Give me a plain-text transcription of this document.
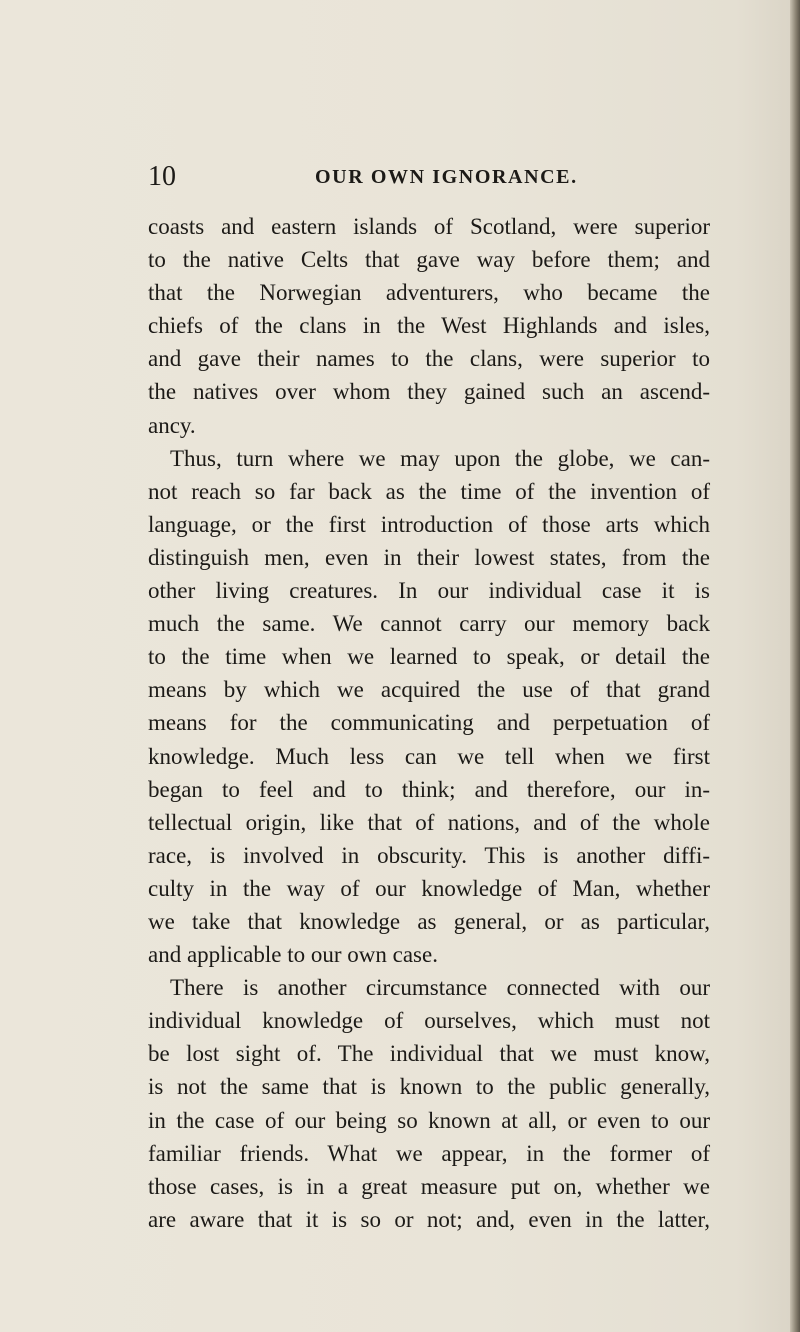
10	OUR OWN IGNORANCE.
coasts and eastern islands of Scotland, were superior
to the native Celts that gave way before them; and
that the Norwegian adventurers, who became the
chiefs of the clans in the West Highlands and isles,
and gave their names to the clans, were superior to
the natives over whom they gained such an ascend-
ancy.
Thus, turn where we may upon the globe, we can-
not reach so far back as the time of the invention of
language, or the first introduction of those arts which
distinguish men, even in their lowest states, from the
other living creatures. In our individual case it is
much the same. We cannot carry our memory back
to the time when we learned to speak, or detail the
means by which we acquired the use of that grand
means for the communicating and perpetuation of
knowledge. Much less can we tell when we first
began to feel and to think; and therefore, our in-
tellectual origin, like that of nations, and of the whole
race, is involved in obscurity. This is another diffi-
culty in the way of our knowledge of Man, whether
we take that knowledge as general, or as particular,
and applicable to our own case.
There is another circumstance connected with our
individual knowledge of ourselves, which must not
be lost sight of. The individual that we must know,
is not the same that is known to the public generally,
in the case of our being so known at all, or even to our
familiar friends. What we appear, in the former of
those cases, is in a great measure put on, whether we
are aware that it is so or not; and, even in the latter,
